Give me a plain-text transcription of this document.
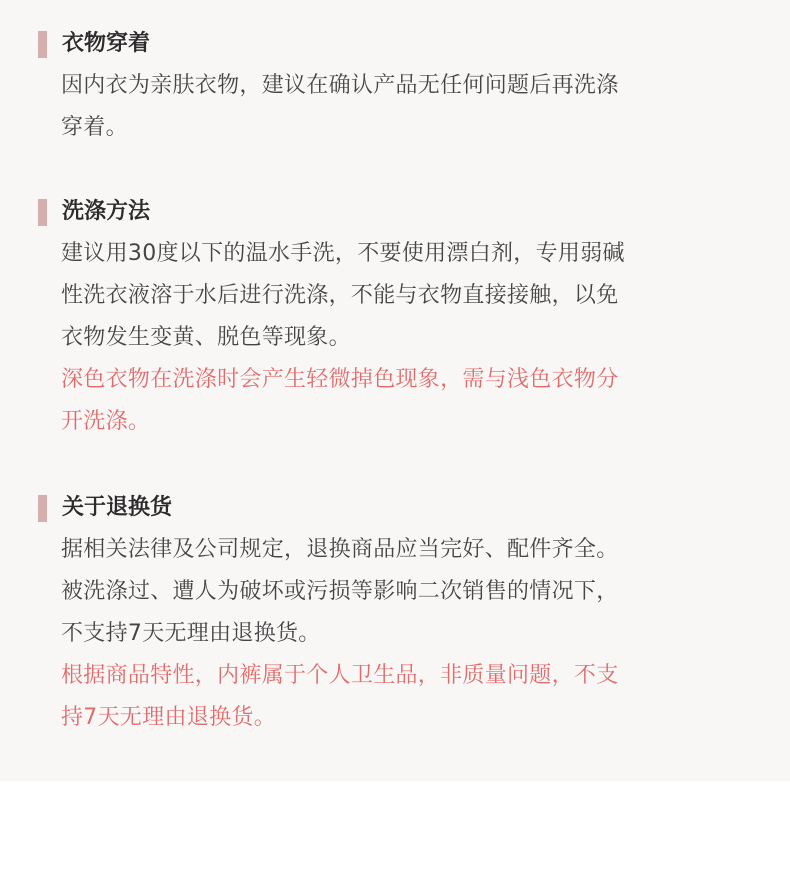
衣物穿着
因内衣为亲肤衣物，建议在确认产品无任何问题后再洗涤
穿着。
洗涤方法
建议用30度以下的温水手洗，不要使用漂白剂，专用弱碱
性洗衣液溶于水后进行洗涤，不能与衣物直接接触，以免
衣物发生变黄、脱色等现象。
深色衣物在洗涤时会产生轻微掉色现象，需与浅色衣物分
开洗涤。
关于退换货
据相关法律及公司规定，退换商品应当完好、配件齐全。
被洗涤过、遭人为破坏或污损等影响二次销售的情况下，
不支持7天无理由退换货。
根据商品特性，内裤属于个人卫生品，非质量问题，不支
持7天无理由退换货。
